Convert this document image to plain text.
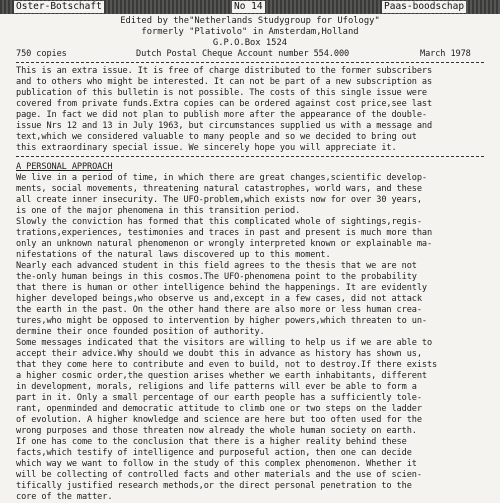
Oster-Botschaft	No 14	Paas-boodschap
Edited by the"Netherlands Studygroup for Ufology"
formerly "Plativolo" in Amsterdam,Holland
G.P.O.Box 1524
750 copies	Dutch Postal Cheque Account number 554.000	March 1978
This is an extra issue. It is free of charge distributed to the former subscribers
and to others who might be interested. It can not be part of a new subscription as
publication of this bulletin is not possible. The costs of this single issue were
covered from private funds.Extra copies can be ordered against cost price,see last
page. In fact we did not plan to publish more after the appearance of the double-
issue Nrs 12 and 13 in July 1963, but circumstances supplied us with a message and
text,which we considered valuable to many people and so we decided to bring out
this extraordinary special issue. We sincerely hope you will appreciate it.
A PERSONAL APPROACH
We live in a period of time, in which there are great changes,scientific develop-
ments, social movements, threatening natural catastrophes, world wars, and these
all create inner insecurity. The UFO-problem,which exists now for over 30 years,
is one of the major phenomena in this transition period.
Slowly the conviction has formed that this complicated whole of sightings,regis-
trations,experiences, testimonies and traces in past and present is much more than
only an unknown natural phenomenon or wrongly interpreted known or explainable ma-
nifestations of the natural laws discovered up to this moment.
Nearly each advanced student in this field agrees to the thesis that we are not
the-only human beings in this cosmos.The UFO-phenomena point to the probability
that there is human or other intelligence behind the happenings. It are evidently
higher developed beings,who observe us and,except in a few cases, did not attack
the earth in the past. On the other hand there are also more or less human crea-
tures,who might be opposed to intervention by higher powers,which threaten to un-
dermine their once founded position of authority.
Some messages indicated that the visitors are willing to help us if we are able to
accept their advice.Why should we doubt this in advance as history has shown us,
that they come here to contribute and even to build, not to destroy.If there exists
a higher cosmic order,the question arises whether we earth inhabitants, different
in development, morals, religions and life patterns will ever be able to form a
part in it. Only a small percentage of our earth people has a sufficiently tole-
rant, openminded and democratic attitude to climb one or two steps on the ladder
of evolution. A higher knowledge and science are here but too often used for the
wrong purposes and those threaten now already the whole human society on earth.
If one has come to the conclusion that there is a higher reality behind these
facts,which testify of intelligence and purposeful action, then one can decide
which way we want to follow in the study of this complex phenomenon. Whether it
will be collecting of controlled facts and other materials and the use of scien-
tifically justified research methods,or the direct personal penetration to the
core of the matter.
